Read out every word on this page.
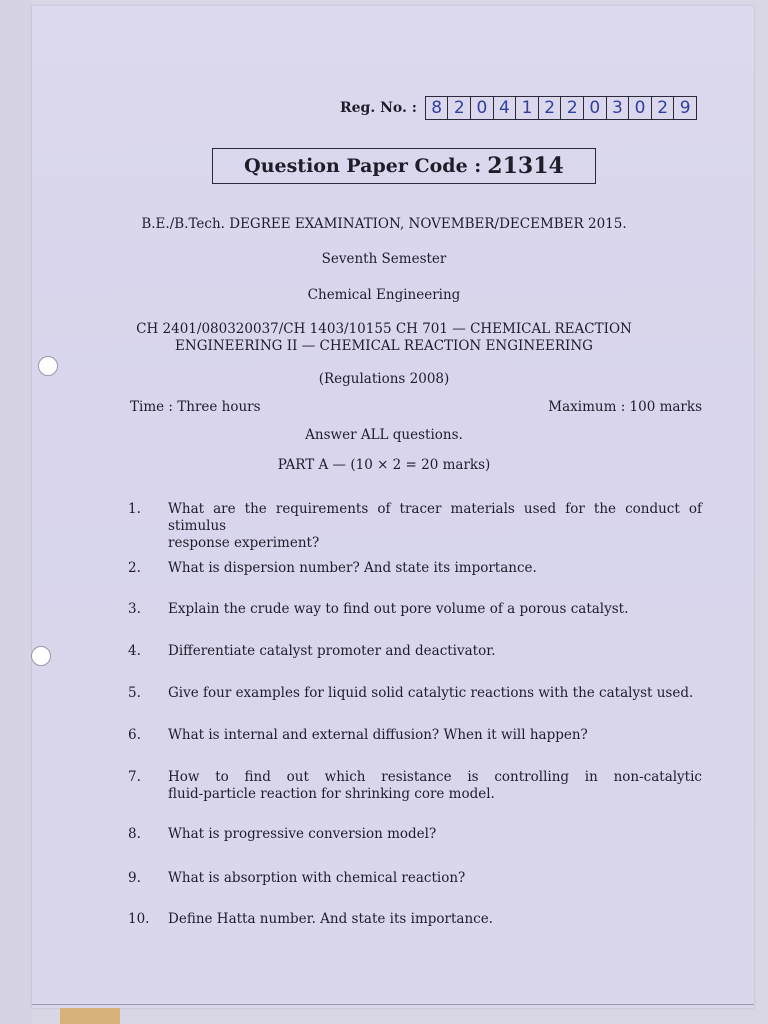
Reg. No. : 8 2 0 4 1 2 2 0 3 0 2 9
Question Paper Code : 21314
B.E./B.Tech. DEGREE EXAMINATION, NOVEMBER/DECEMBER 2015.
Seventh Semester
Chemical Engineering
CH 2401/080320037/CH 1403/10155 CH 701 — CHEMICAL REACTION
ENGINEERING II — CHEMICAL REACTION ENGINEERING
(Regulations 2008)
Time : Three hours	Maximum : 100 marks
Answer ALL questions.
PART A — (10 × 2 = 20 marks)
1.	What are the requirements of tracer materials used for the conduct of stimulus
response experiment?
2.	What is dispersion number? And state its importance.
3.	Explain the crude way to find out pore volume of a porous catalyst.
4.	Differentiate catalyst promoter and deactivator.
5.	Give four examples for liquid solid catalytic reactions with the catalyst used.
6.	What is internal and external diffusion? When it will happen?
7.	How to find out which resistance is controlling in non-catalytic
fluid-particle reaction for shrinking core model.
8.	What is progressive conversion model?
9.	What is absorption with chemical reaction?
10.	Define Hatta number. And state its importance.
